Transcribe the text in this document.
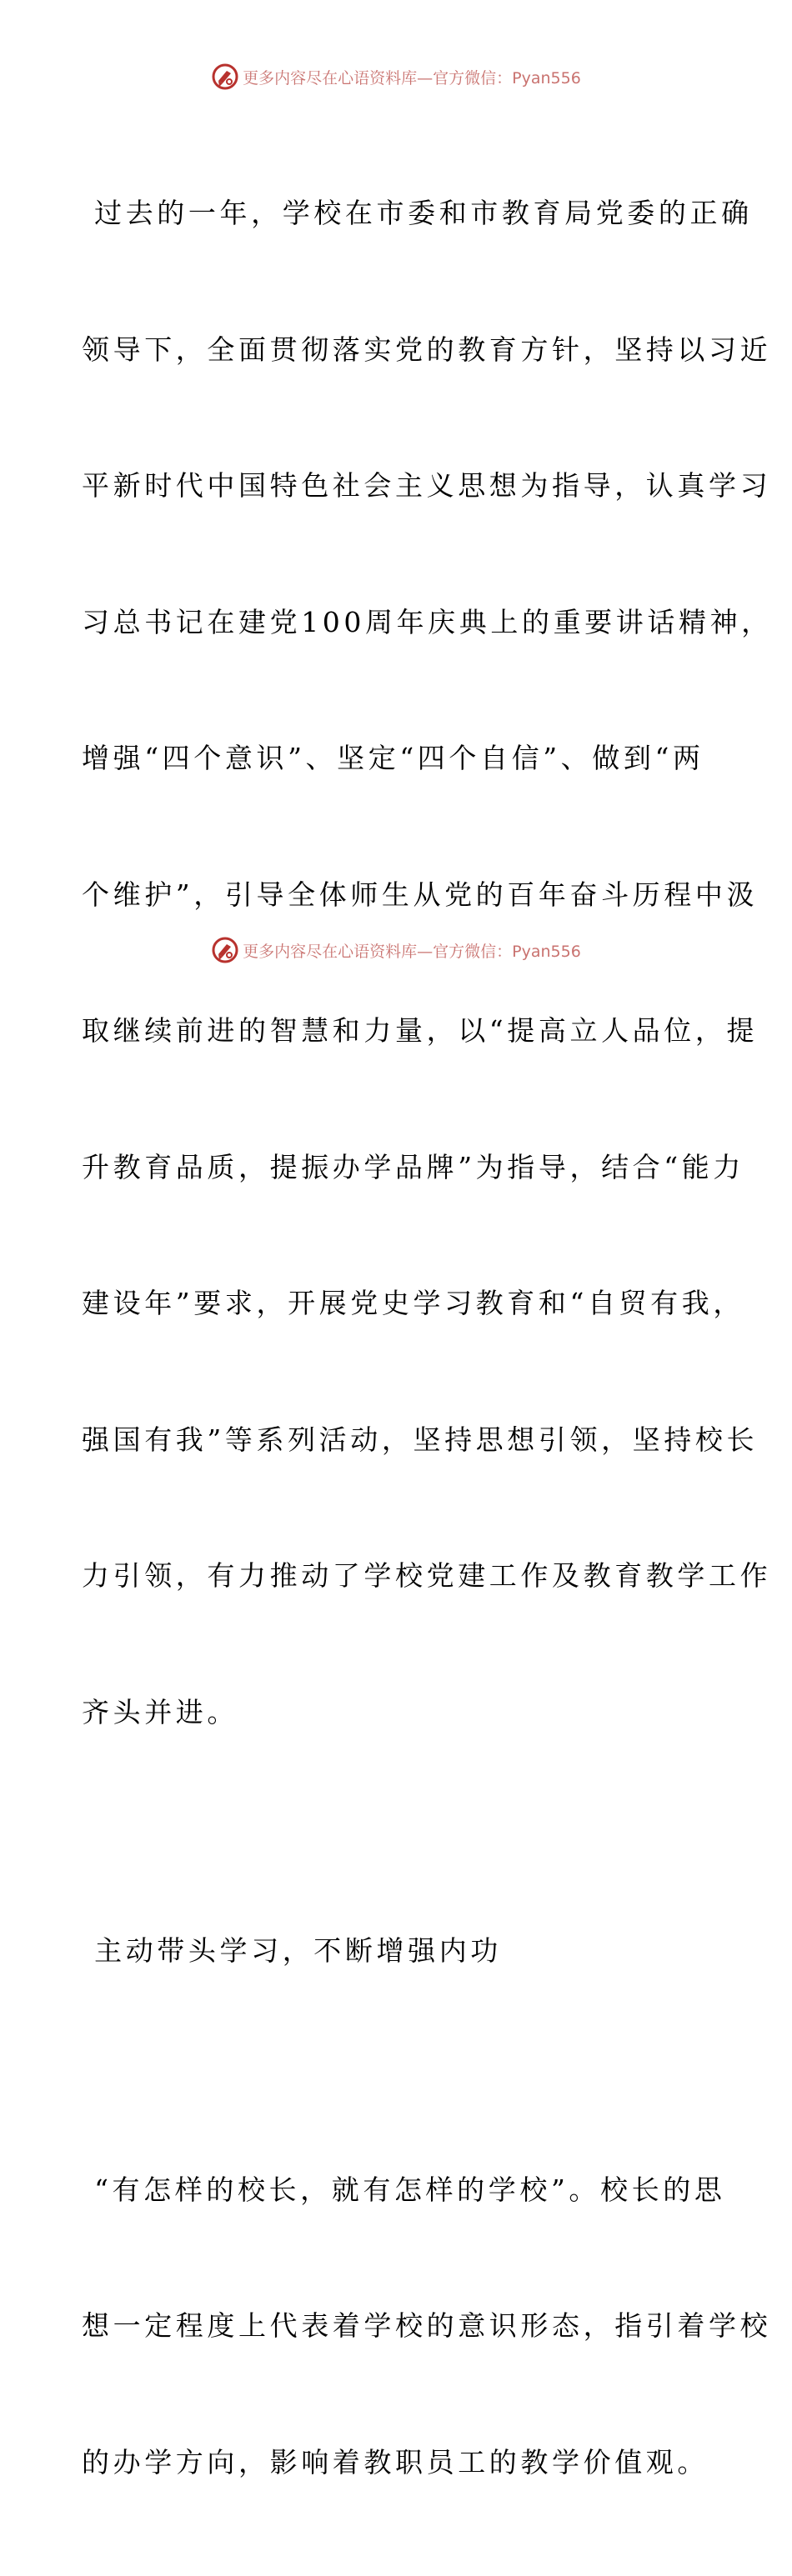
更多内容尽在心语资料库— 官方微信：Pyan556

过去的一年，学校在市委和市教育局党委的正确

领导下，全面贯彻落实党的教育方针，坚持以习近

平新时代中国特色社会主义思想为指导，认真学习

习总书记在建党100周年庆典上的重要讲话精神，

增强“四个意识”、坚定“四个自信”、做到“两

个维护”，引导全体师生从党的百年奋斗历程中汲

取继续前进的智慧和力量，以“提高立人品位，提

升教育品质，提振办学品牌”为指导，结合“能力

建设年”要求，开展党史学习教育和“自贸有我，

强国有我”等系列活动，坚持思想引领，坚持校长

力引领，有力推动了学校党建工作及教育教学工作

齐头并进。

主动带头学习，不断增强内功

“有怎样的校长，就有怎样的学校”。校长的思

想一定程度上代表着学校的意识形态，指引着学校

的办学方向，影响着教职员工的教学价值观。

更多内容尽在心语资料库— 官方微信：Pyan556
